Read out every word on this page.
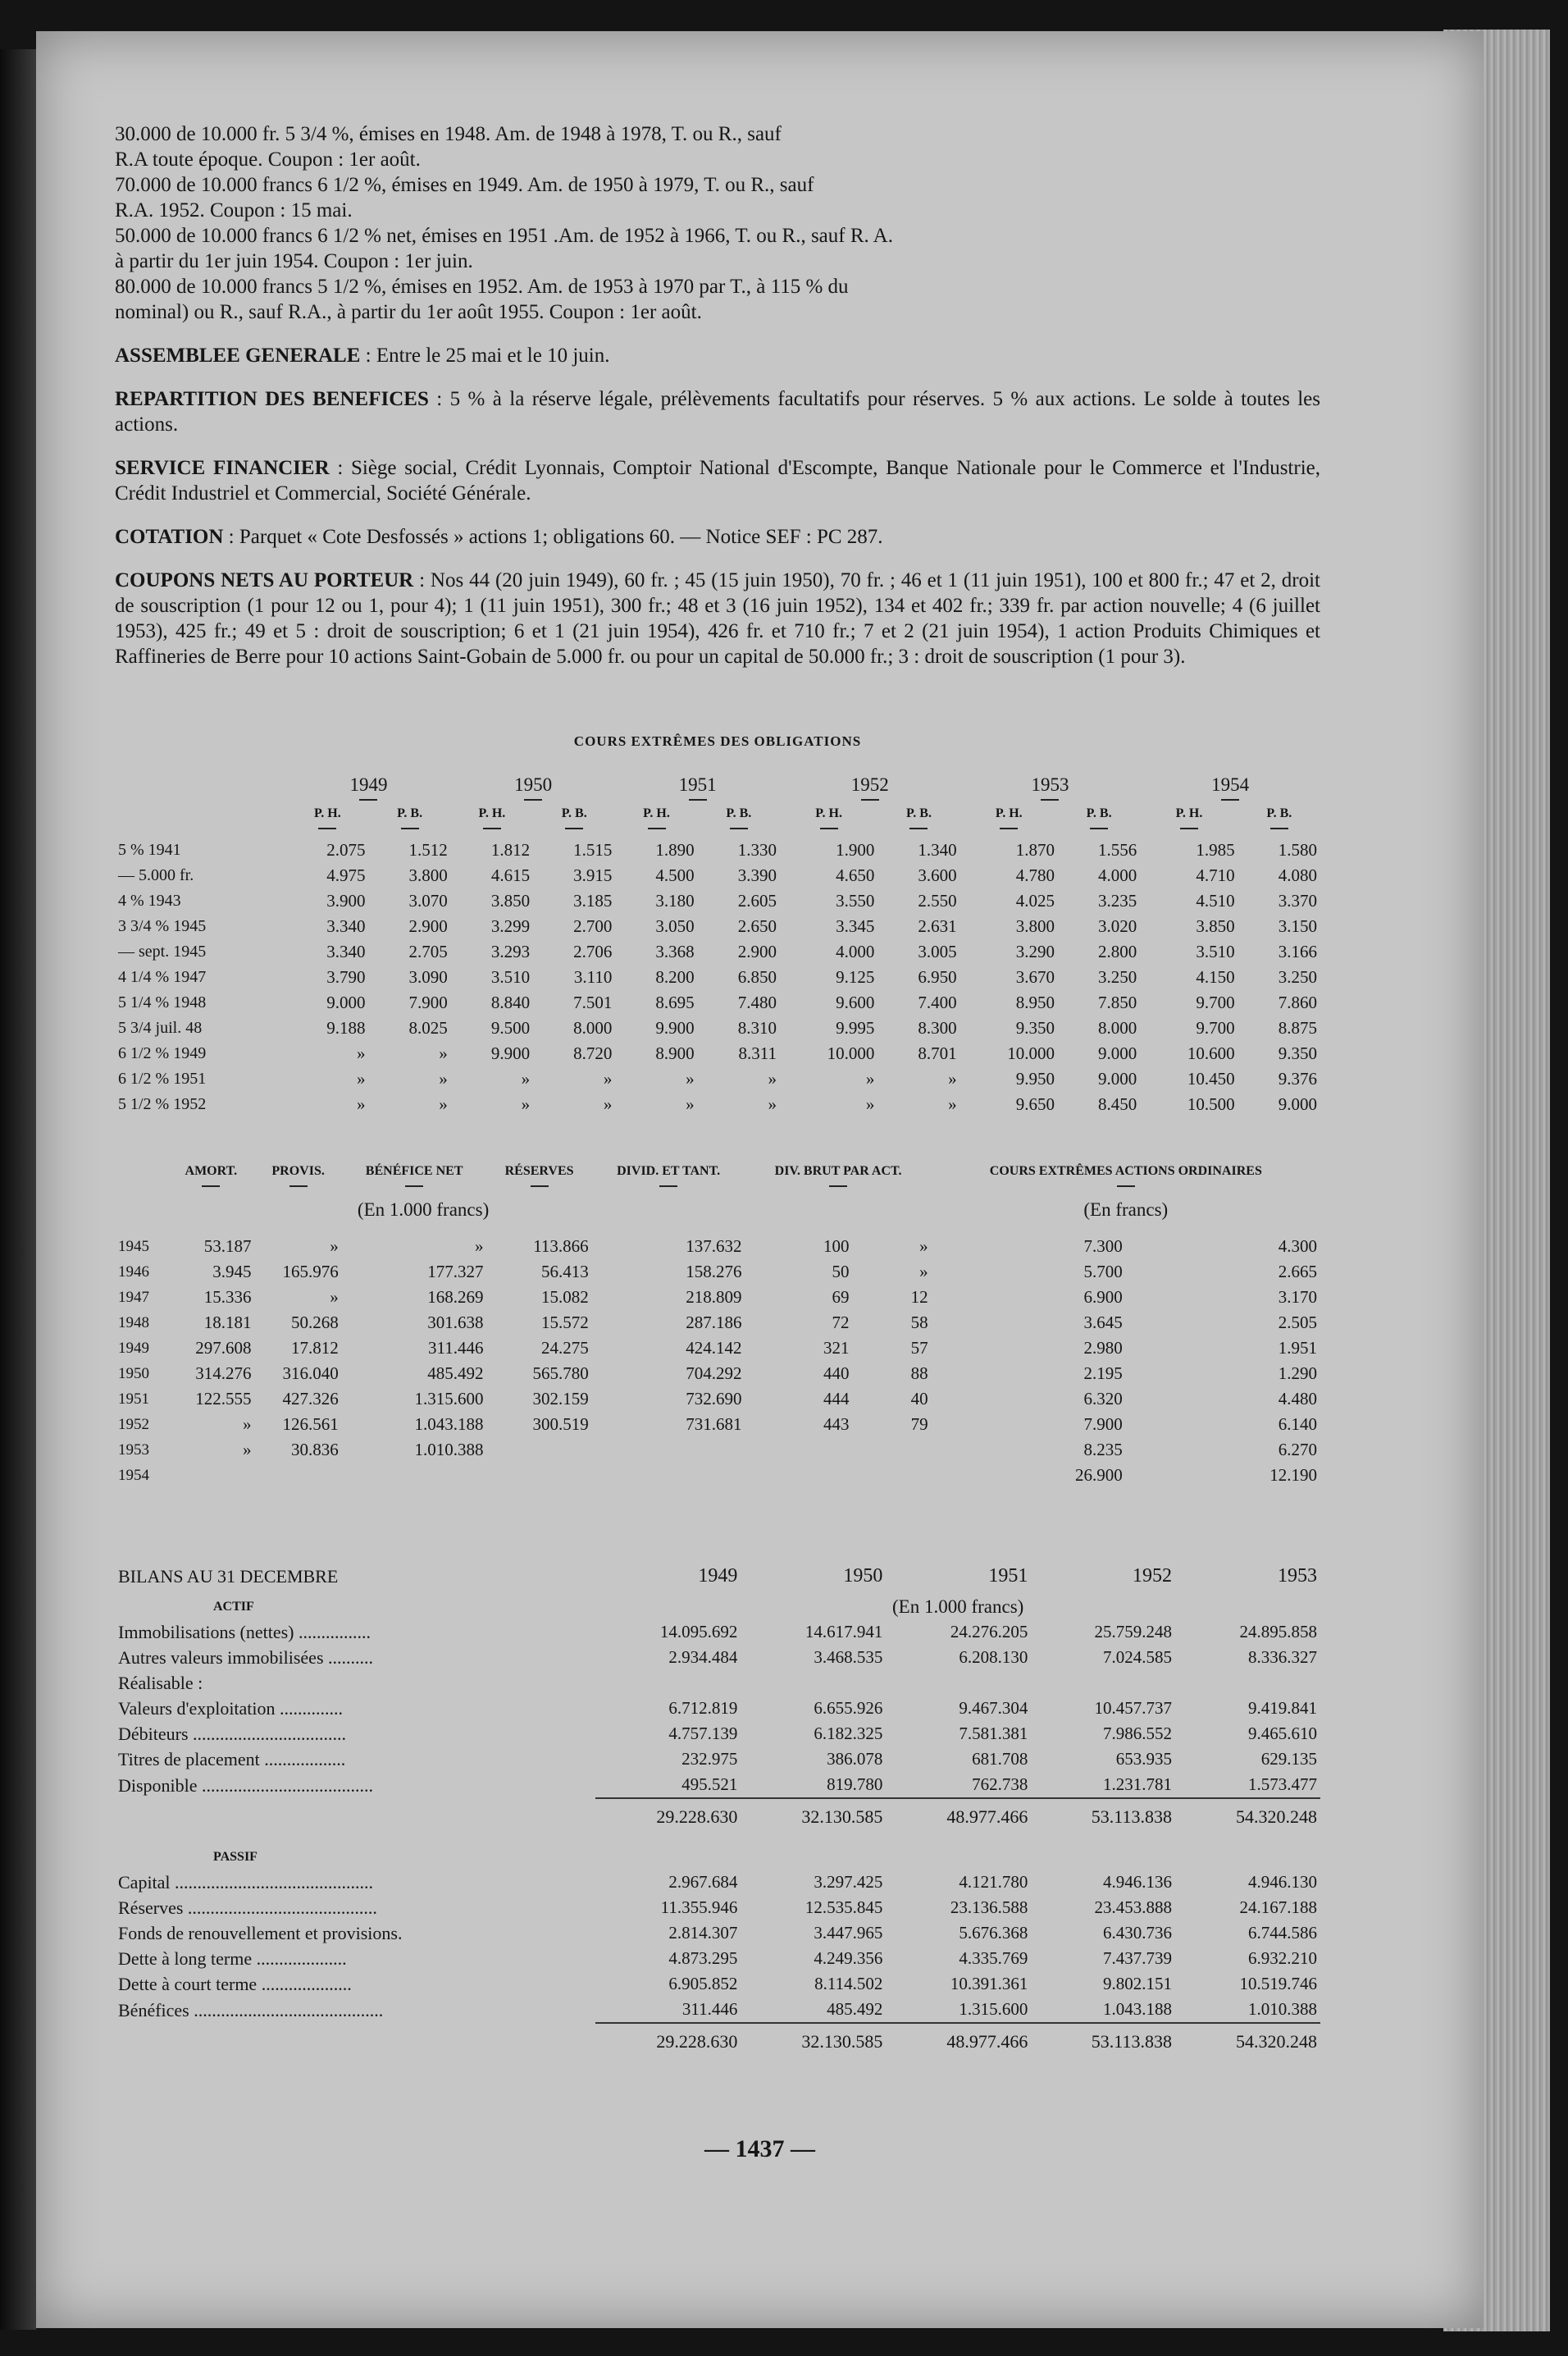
30.000 de 10.000 fr. 5 3/4 %, émises en 1948. Am. de 1948 à 1978, T. ou R., sauf

R.A toute époque. Coupon : 1er août.

70.000 de 10.000 francs 6 1/2 %, émises en 1949. Am. de 1950 à 1979, T. ou R., sauf

R.A. 1952. Coupon : 15 mai.

50.000 de 10.000 francs 6 1/2 % net, émises en 1951 .Am. de 1952 à 1966, T. ou R., sauf R. A.

à partir du 1er juin 1954. Coupon : 1er juin.

80.000 de 10.000 francs 5 1/2 %, émises en 1952. Am. de 1953 à 1970 par T., à 115 % du

nominal) ou R., sauf R.A., à partir du 1er août 1955. Coupon : 1er août.

ASSEMBLEE GENERALE : Entre le 25 mai et le 10 juin.
REPARTITION DES BENEFICES : 5 % à la réserve légale, prélèvements facultatifs pour réserves. 5 % aux actions. Le solde à toutes les actions.
SERVICE FINANCIER : Siège social, Crédit Lyonnais, Comptoir National d'Escompte, Banque Nationale pour le Commerce et l'Industrie, Crédit Industriel et Commercial, Société Générale.
COTATION : Parquet « Cote Desfossés » actions 1; obligations 60. — Notice SEF : PC 287.
COUPONS NETS AU PORTEUR : Nos 44 (20 juin 1949), 60 fr. ; 45 (15 juin 1950), 70 fr. ; 46 et 1 (11 juin 1951), 100 et 800 fr.; 47 et 2, droit de souscription (1 pour 12 ou 1, pour 4); 1 (11 juin 1951), 300 fr.; 48 et 3 (16 juin 1952), 134 et 402 fr.; 339 fr. par action nouvelle; 4 (6 juillet 1953), 425 fr.; 49 et 5 : droit de souscription; 6 et 1 (21 juin 1954), 426 fr. et 710 fr.; 7 et 2 (21 juin 1954), 1 action Produits Chimiques et Raffineries de Berre pour 10 actions Saint-Gobain de 5.000 fr. ou pour un capital de 50.000 fr.; 3 : droit de souscription (1 pour 3).
COURS EXTRÊMES DES OBLIGATIONS
	1949		1950		1951		1952		1953		1954	

	P. H.	P. B.	P. H.	P. B.	P. H.	P. B.	P. H.	P. B.	P. H.	P. B.	P. H.	P. B.

5 % 1941	2.075	1.512	1.812	1.515	1.890	1.330	1.900	1.340	1.870	1.556	1.985	1.580
— 5.000 fr.	4.975	3.800	4.615	3.915	4.500	3.390	4.650	3.600	4.780	4.000	4.710	4.080
4 % 1943	3.900	3.070	3.850	3.185	3.180	2.605	3.550	2.550	4.025	3.235	4.510	3.370
3 3/4 % 1945	3.340	2.900	3.299	2.700	3.050	2.650	3.345	2.631	3.800	3.020	3.850	3.150
— sept. 1945	3.340	2.705	3.293	2.706	3.368	2.900	4.000	3.005	3.290	2.800	3.510	3.166
4 1/4 % 1947	3.790	3.090	3.510	3.110	8.200	6.850	9.125	6.950	3.670	3.250	4.150	3.250
5 1/4 % 1948	9.000	7.900	8.840	7.501	8.695	7.480	9.600	7.400	8.950	7.850	9.700	7.860
5 3/4 juil. 48	9.188	8.025	9.500	8.000	9.900	8.310	9.995	8.300	9.350	8.000	9.700	8.875
6 1/2 % 1949	»	»	9.900	8.720	8.900	8.311	10.000	8.701	10.000	9.000	10.600	9.350
6 1/2 % 1951	»	»	»	»	»	»	»	»	9.950	9.000	10.450	9.376
5 1/2 % 1952	»	»	»	»	»	»	»	»	9.650	8.450	10.500	9.000
	AMORT.	PROVIS.	BÉNÉFICE NET	RÉSERVES	DIVID. ET TANT.	DIV. BRUT PAR ACT.		COURS EXTRÊMES ACTIONS ORDINAIRES	

		(En 1.000 francs)						(En francs)	
1945	53.187	»	»	113.866	137.632	100	»	7.300	4.300
1946	3.945	165.976	177.327	56.413	158.276	50	»	5.700	2.665
1947	15.336	»	168.269	15.082	218.809	69	12	6.900	3.170
1948	18.181	50.268	301.638	15.572	287.186	72	58	3.645	2.505
1949	297.608	17.812	311.446	24.275	424.142	321	57	2.980	1.951
1950	314.276	316.040	485.492	565.780	704.292	440	88	2.195	1.290
1951	122.555	427.326	1.315.600	302.159	732.690	444	40	6.320	4.480
1952	»	126.561	1.043.188	300.519	731.681	443	79	7.900	6.140
1953	»	30.836	1.010.388					8.235	6.270
1954								26.900	12.190
BILANS AU 31 DECEMBRE	1949	1950	1951	1952	1953
ACTIF		(En 1.000 francs)			
Immobilisations (nettes) ................	14.095.692	14.617.941	24.276.205	25.759.248	24.895.858
Autres valeurs immobilisées ..........	2.934.484	3.468.535	6.208.130	7.024.585	8.336.327
Réalisable :					
Valeurs d'exploitation ..............	6.712.819	6.655.926	9.467.304	10.457.737	9.419.841
Débiteurs ..................................	4.757.139	6.182.325	7.581.381	7.986.552	9.465.610
Titres de placement ..................	232.975	386.078	681.708	653.935	629.135
Disponible ......................................	495.521	819.780	762.738	1.231.781	1.573.477
	29.228.630	32.130.585	48.977.466	53.113.838	54.320.248
PASSIF					
Capital ............................................	2.967.684	3.297.425	4.121.780	4.946.136	4.946.130
Réserves ..........................................	11.355.946	12.535.845	23.136.588	23.453.888	24.167.188
Fonds de renouvellement et provisions.	2.814.307	3.447.965	5.676.368	6.430.736	6.744.586
Dette à long terme ....................	4.873.295	4.249.356	4.335.769	7.437.739	6.932.210
Dette à court terme ....................	6.905.852	8.114.502	10.391.361	9.802.151	10.519.746
Bénéfices ..........................................	311.446	485.492	1.315.600	1.043.188	1.010.388
	29.228.630	32.130.585	48.977.466	53.113.838	54.320.248
— 1437 —
